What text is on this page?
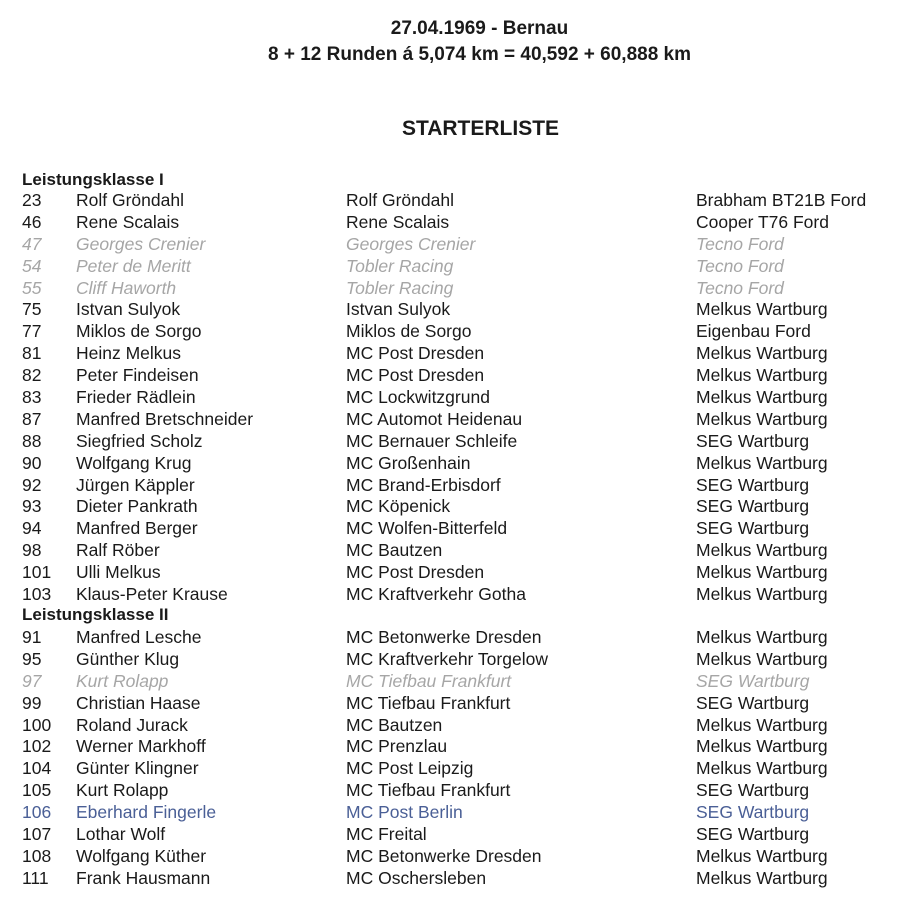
27.04.1969 - Bernau
8 + 12 Runden á 5,074 km = 40,592 + 60,888 km
STARTERLISTE
Leistungsklasse I
23 Rolf Gröndahl	Rolf Gröndahl	Brabham BT21B Ford
46 Rene Scalais	Rene Scalais	Cooper T76 Ford
47 Georges Crenier	Georges Crenier	Tecno Ford
54 Peter de Meritt	Tobler Racing	Tecno Ford
55 Cliff Haworth	Tobler Racing	Tecno Ford
75 Istvan Sulyok	Istvan Sulyok	Melkus Wartburg
77 Miklos de Sorgo	Miklos de Sorgo	Eigenbau Ford
81 Heinz Melkus	MC Post Dresden	Melkus Wartburg
82 Peter Findeisen	MC Post Dresden	Melkus Wartburg
83 Frieder Rädlein	MC Lockwitzgrund	Melkus Wartburg
87 Manfred Bretschneider	MC Automot Heidenau	Melkus Wartburg
88 Siegfried Scholz	MC Bernauer Schleife	SEG Wartburg
90 Wolfgang Krug	MC Großenhain	Melkus Wartburg
92 Jürgen Käppler	MC Brand-Erbisdorf	SEG Wartburg
93 Dieter Pankrath	MC Köpenick	SEG Wartburg
94 Manfred Berger	MC Wolfen-Bitterfeld	SEG Wartburg
98 Ralf Röber	MC Bautzen	Melkus Wartburg
101 Ulli Melkus	MC Post Dresden	Melkus Wartburg
103 Klaus-Peter Krause	MC Kraftverkehr Gotha	Melkus Wartburg
Leistungsklasse II
91 Manfred Lesche	MC Betonwerke Dresden	Melkus Wartburg
95 Günther Klug	MC Kraftverkehr Torgelow	Melkus Wartburg
97 Kurt Rolapp	MC Tiefbau Frankfurt	SEG Wartburg
99 Christian Haase	MC Tiefbau Frankfurt	SEG Wartburg
100 Roland Jurack	MC Bautzen	Melkus Wartburg
102 Werner Markhoff	MC Prenzlau	Melkus Wartburg
104 Günter Klingner	MC Post Leipzig	Melkus Wartburg
105 Kurt Rolapp	MC Tiefbau Frankfurt	SEG Wartburg
106 Eberhard Fingerle	MC Post Berlin	SEG Wartburg
107 Lothar Wolf	MC Freital	SEG Wartburg
108 Wolfgang Küther	MC Betonwerke Dresden	Melkus Wartburg
111 Frank Hausmann	MC Oschersleben	Melkus Wartburg
